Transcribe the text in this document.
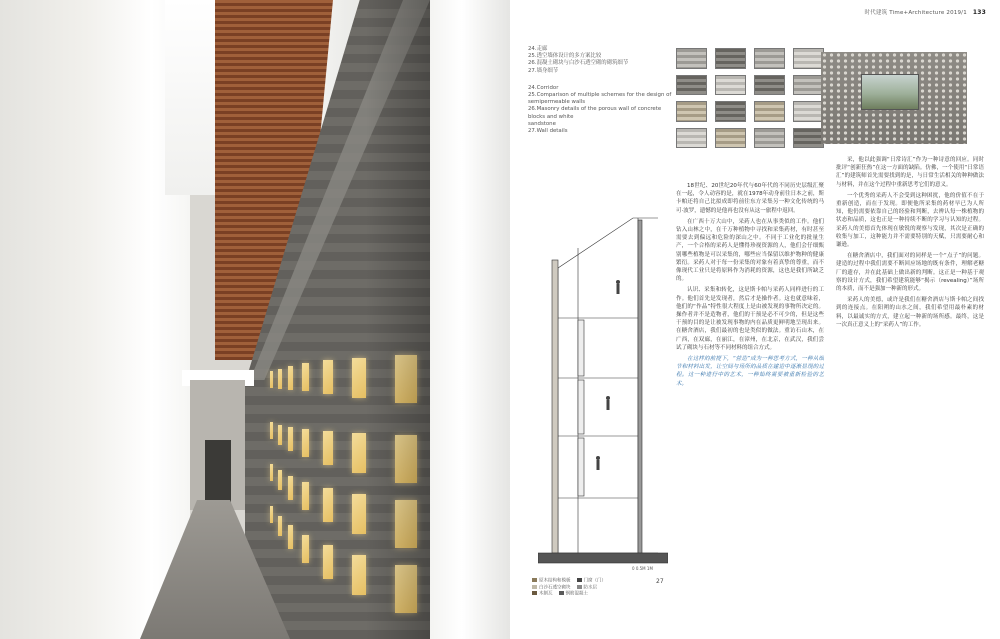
时代建筑 Time+Architecture 2019/1 133
24.走廊
25.透空墙体设计的多方案比较
26.混凝土砌块与白沙石透空砌的砌筑细节
27.墙身细节
24.Corridor
25.Comparison of multiple schemes for the design of semipermeable walls
26.Masonry details of the porous wall of concrete blocks and white
sandstone
27.Wall details
0 0.5M 1M
27
原木结构和模板	门窗（门）
白沙石透空砌块	防水层
木制瓦	钢筋混凝土

18世纪、20世纪20年代与60年代的不同历史层级汇聚在一起，令人动容的是，就在1978年动身前往日本之前，斯卡帕还将自己比拟成即将前往东方采集另一种文化传统的马可·波罗，遗憾的是他再也没有从这一旅程中返回。

在广西十万大山中，采药人也在从事类似的工作。他们钻入山林之中，在千万种植物中寻找和采集药材，有时甚至需要去到偏远和危险的深山之中。不同于工业化的批量生产，一个合格的采药人是懂得珍视资源的人，他们会仔细甄别哪些植物是可以采集的，哪些应当保留以维护物种的健康繁衍。采药人对于每一份采集的对象有着真挚的尊重，而不像现代工业只是将原料作为消耗的资源，这也是我们所缺乏的。

认识、采集和转化，这是斯卡帕与采药人同样进行的工作。他们首先是发现者，然后才是操作者。这也就意味着，他们的“作品”特性很大程度上是由被发现的事物所决定的。操作者并不是造物者，他们的干预是必不可少的，但是这些干预的目的是让被发现事物的内在品质更鲜明地呈现出来。在糖舍酒店，我们最初的也是类似的做法。重访石山木，在广西，在双廊，在丽江，在漳州，在北京，在武汉，我们尝试了砌块与石材等不同材料的组合方式。

在这样的前提下，“营造”成为一种思考方式，一种从细节和材料出发，让空间与场所的品质在建造中逐渐显现的过程。这一种进行中的艺术，一种始终需要被重新检验的艺术。

采，他以此强调“日常诗汇”作为一种诗意的回应。同时批评“创新狂热”在这一方面的缺陷。仿佛，一个使用“日常语汇”的建筑师首先需要找到的是，与日常生活相关的种种做法与材料，并在这个过程中重新思考它们的意义。

一个优秀的采药人不会受到这种困扰，他的价值不在于重新创造，而在于发现。即便他所采集的药材早已为人所知，他仍需要依靠自己的经验和判断，去辨认每一株植物的状态和品质，这也正是一种持续不断的学习与认知的过程。采药人的美德首先体现在敏锐的观察与发现，其次是正确的收集与加工，这种能力并不需要特别的天赋，只需要耐心和谦逊。

在糖舍酒店中，我们面对的同样是一个“点子”的问题。建造的过程中我们需要不断回应场地的既有条件，理解老糖厂的遗存，并在此基础上做出新的判断。这正是一种基于观察的设计方式，我们希望建筑能够“揭示（revealing）”场所的本质，而不是强加一种新的形式。

采药人的美德，或许是我们在糖舍酒店与斯卡帕之间找到的连接点。在阳朔的山水之间，我们希望用最朴素的材料，以最诚实的方式，建立起一种新的场所感。最终，这是一次真正意义上的“采药人”的工作。
